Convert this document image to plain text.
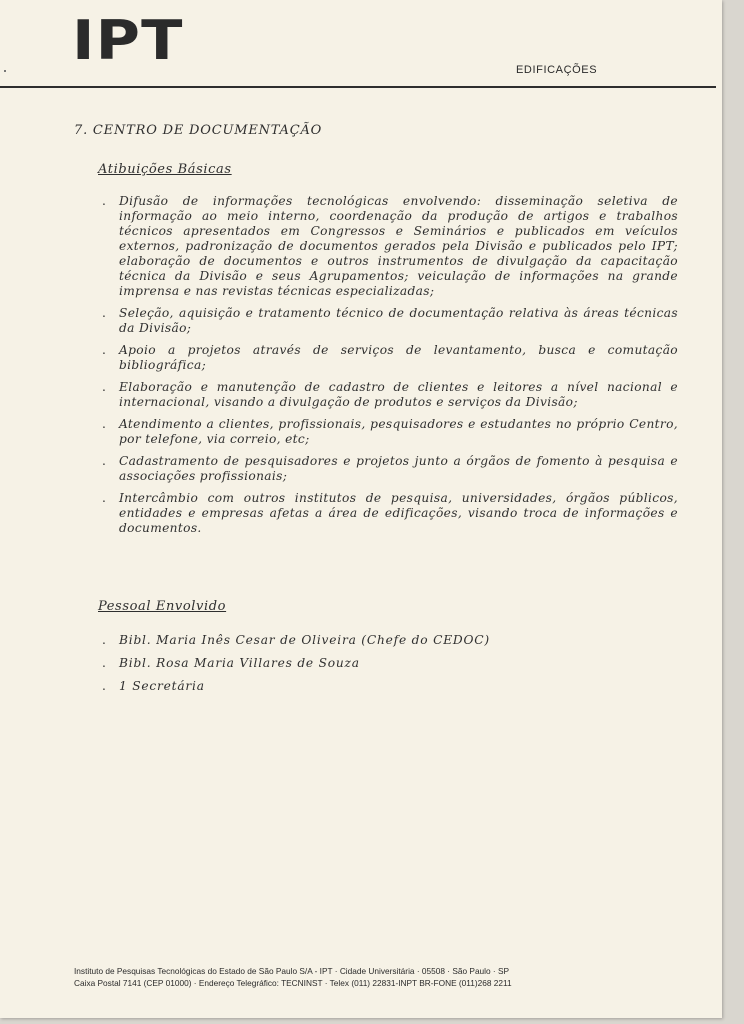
IPT	EDIFICAÇÕES
7. CENTRO DE DOCUMENTAÇÃO
Atibuições Básicas
. Difusão de informações tecnológicas envolvendo: disseminação seletiva de informação ao meio interno, coordenação da produção de artigos e trabalhos técnicos apresentados em Congressos e Seminários e publicados em veículos externos, padronização de documentos gerados pela Divisão e publicados pelo IPT; elaboração de documentos e outros instrumentos de divulgação da capacitação técnica da Divisão e seus Agrupamentos; veiculação de informações na grande imprensa e nas revistas técnicas especializadas;
. Seleção, aquisição e tratamento técnico de documentação relativa às áreas técnicas da Divisão;
. Apoio a projetos através de serviços de levantamento, busca e comutação bibliográfica;
. Elaboração e manutenção de cadastro de clientes e leitores a nível nacional e internacional, visando a divulgação de produtos e serviços da Divisão;
. Atendimento a clientes, profissionais, pesquisadores e estudantes no próprio Centro, por telefone, via correio, etc;
. Cadastramento de pesquisadores e projetos junto a órgãos de fomento à pesquisa e associações profissionais;
. Intercâmbio com outros institutos de pesquisa, universidades, órgãos públicos, entidades e empresas afetas a área de edificações, visando troca de informações e documentos.
Pessoal Envolvido
. Bibl. Maria Inês Cesar de Oliveira (Chefe do CEDOC)
. Bibl. Rosa Maria Villares de Souza
. 1 Secretária
Instituto de Pesquisas Tecnológicas do Estado de São Paulo S/A - IPT · Cidade Universitária · 05508 · São Paulo · SP
Caixa Postal 7141 (CEP 01000) · Endereço Telegráfico: TECNINST · Telex (011) 22831-INPT BR-FONE (011)268 2211
